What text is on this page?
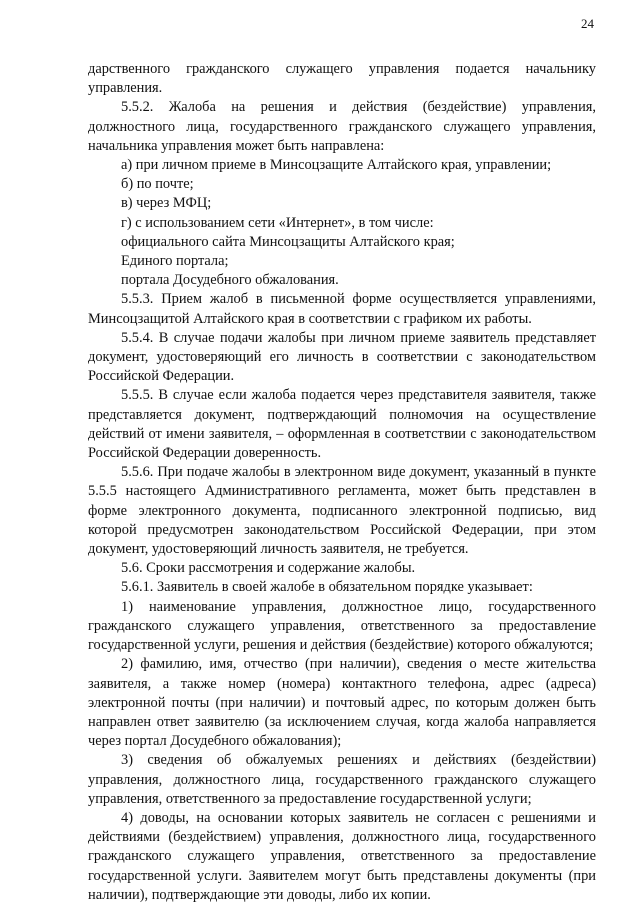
24

дарственного гражданского служащего управления подается начальнику управления.

5.5.2. Жалоба на решения и действия (бездействие) управления, должностного лица, государственного гражданского служащего управления, начальника управления может быть направлена:

а) при личном приеме в Минсоцзащите Алтайского края, управлении;

б) по почте;

в) через МФЦ;

г) с использованием сети «Интернет», в том числе:

официального сайта Минсоцзащиты Алтайского края;

Единого портала;

портала Досудебного обжалования.

5.5.3. Прием жалоб в письменной форме осуществляется управлениями, Минсоцзащитой Алтайского края в соответствии с графиком их работы.

5.5.4. В случае подачи жалобы при личном приеме заявитель представляет документ, удостоверяющий его личность в соответствии с законодательством Российской Федерации.

5.5.5. В случае если жалоба подается через представителя заявителя, также представляется документ, подтверждающий полномочия на осуществление действий от имени заявителя, – оформленная в соответствии с законодательством Российской Федерации доверенность.

5.5.6. При подаче жалобы в электронном виде документ, указанный в пункте 5.5.5 настоящего Административного регламента, может быть представлен в форме электронного документа, подписанного электронной подписью, вид которой предусмотрен законодательством Российской Федерации, при этом документ, удостоверяющий личность заявителя, не требуется.

5.6. Сроки рассмотрения и содержание жалобы.

5.6.1. Заявитель в своей жалобе в обязательном порядке указывает:

1) наименование управления, должностное лицо, государственного гражданского служащего управления, ответственного за предоставление государственной услуги, решения и действия (бездействие) которого обжалуются;

2) фамилию, имя, отчество (при наличии), сведения о месте жительства заявителя, а также номер (номера) контактного телефона, адрес (адреса) электронной почты (при наличии) и почтовый адрес, по которым должен быть направлен ответ заявителю (за исключением случая, когда жалоба направляется через портал Досудебного обжалования);

3) сведения об обжалуемых решениях и действиях (бездействии) управления, должностного лица, государственного гражданского служащего управления, ответственного за предоставление государственной услуги;

4) доводы, на основании которых заявитель не согласен с решениями и действиями (бездействием) управления, должностного лица, государственного гражданского служащего управления, ответственного за предоставление государственной услуги. Заявителем могут быть представлены документы (при наличии), подтверждающие эти доводы, либо их копии.
